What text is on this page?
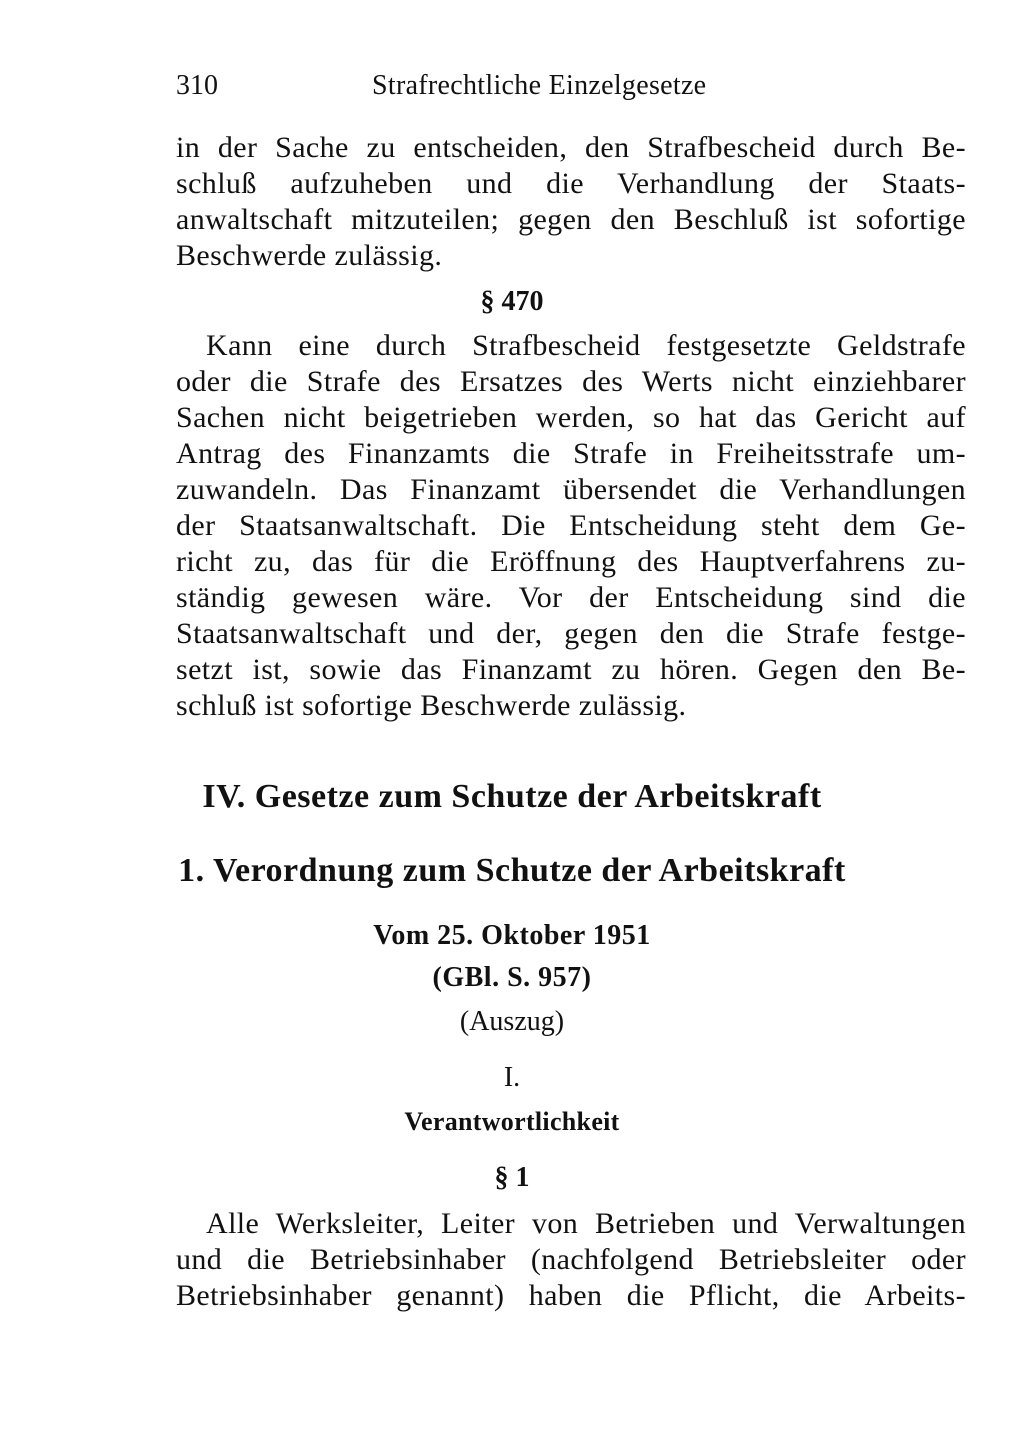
310	Strafrechtliche Einzelgesetze
in der Sache zu entscheiden, den Strafbescheid durch Be-
schluß aufzuheben und die Verhandlung der Staats-
anwaltschaft mitzuteilen; gegen den Beschluß ist sofortige
Beschwerde zulässig.
§ 470
Kann eine durch Strafbescheid festgesetzte Geldstrafe
oder die Strafe des Ersatzes des Werts nicht einziehbarer
Sachen nicht beigetrieben werden, so hat das Gericht auf
Antrag des Finanzamts die Strafe in Freiheitsstrafe um-
zuwandeln. Das Finanzamt übersendet die Verhandlungen
der Staatsanwaltschaft. Die Entscheidung steht dem Ge-
richt zu, das für die Eröffnung des Hauptverfahrens zu-
ständig gewesen wäre. Vor der Entscheidung sind die
Staatsanwaltschaft und der, gegen den die Strafe festge-
setzt ist, sowie das Finanzamt zu hören. Gegen den Be-
schluß ist sofortige Beschwerde zulässig.
IV. Gesetze zum Schutze der Arbeitskraft
1. Verordnung zum Schutze der Arbeitskraft
Vom 25. Oktober 1951
(GBl. S. 957)
(Auszug)
I.
Verantwortlichkeit
§ 1
Alle Werksleiter, Leiter von Betrieben und Verwaltungen
und die Betriebsinhaber (nachfolgend Betriebsleiter oder
Betriebsinhaber genannt) haben die Pflicht, die Arbeits-
